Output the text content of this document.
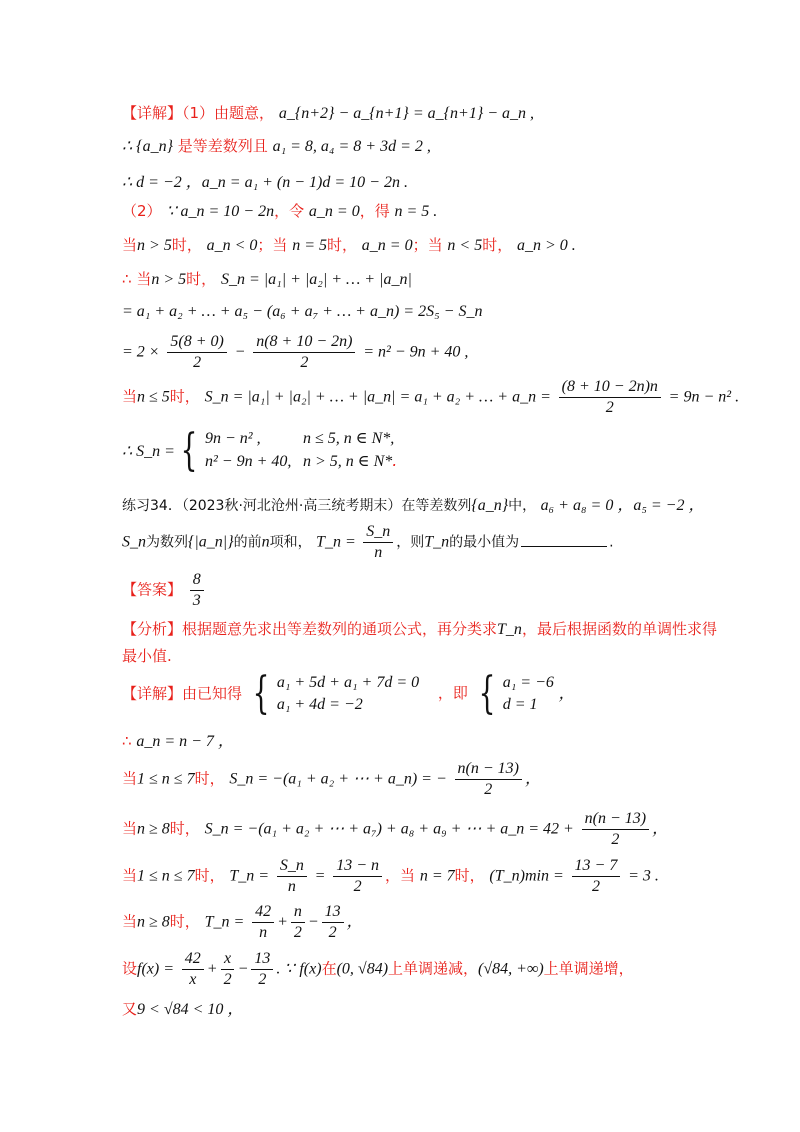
【详解】（1）由题意， a_{n+2} − a_{n+1} = a_{n+1} − a_n ,
∴ {a_n} 是等差数列且 a₁ = 8, a₄ = 8 + 3d = 2 ,
∴ d = −2 ，a_n = a₁ + (n − 1)d = 10 − 2n .
（2） ∵ a_n = 10 − 2n，令 a_n = 0，得 n = 5 .
当n > 5时， a_n < 0；当 n = 5时， a_n = 0；当 n < 5时， a_n > 0 .
∴ 当n > 5时， S_n = |a₁| + |a₂| + … + |a_n|
= a₁ + a₂ + … + a₅ − (a₆ + a₇ + … + a_n) = 2S₅ − S_n
= $2 \times \frac{5(8 + 0)}{2} - \frac{n(8 + 10 - 2n)}{2} = n^2 - 9n + 40$ ,
当n ≤ 5时， S_n = |a₁| + |a₂| + … + |a_n| = a₁ + a₂ + … + a_n = $\frac{(8 + 10 - 2n)n}{2} = 9n - n^2$ .
∴ S_n = { 9n − n² ,	n ≤ 5, n ∈ N*,
n² − 9n + 40, n > 5, n ∈ N*.
练习34．（2023秋·河北沧州·高三统考期末）在等差数列{a_n}中， a₆ + a₈ = 0 ，a₅ = −2 ，
S_n为数列{|a_n|}的前n项和， T_n = $\frac{S\_n}{n}$ ，则T_n的最小值为	.
【答案】 $\frac{8}{3}$
【分析】根据题意先求出等差数列的通项公式，再分类求T_n，最后根据函数的单调性求得
最小值.
【详解】由已知得 { a₁ + 5d + a₁ + 7d = 0
a₁ + 4d = −2
，即 { a₁ = −6
d = 1
，
∴ a_n = n − 7 ，
当1 ≤ n ≤ 7时， S_n = −(a₁ + a₂ + ⋯ + a_n) = − $\frac{n(n - 13)}{2}$ ，
当n ≥ 8时， S_n = −(a₁ + a₂ + ⋯ + a₇) + a₈ + a₉ + ⋯ + a_n = $42 + \frac{n(n - 13)}{2}$ ，
当1 ≤ n ≤ 7时， T_n = $\frac{S\_n}{n} = \frac{13 - n}{2}$ ，当 n = 7时， (T_n)min = $\frac{13 - 7}{2} = 3$ .
当n ≥ 8时， T_n = $\frac{42}{n} + \frac{n}{2} - \frac{13}{2}$ ，
设$f(x) = \frac{42}{x} + \frac{x}{2} - \frac{13}{2}$ . ∵ f(x)在(0, √84)上单调递减，(√84, +∞)上单调递增，
又9 < √84 < 10 ，
